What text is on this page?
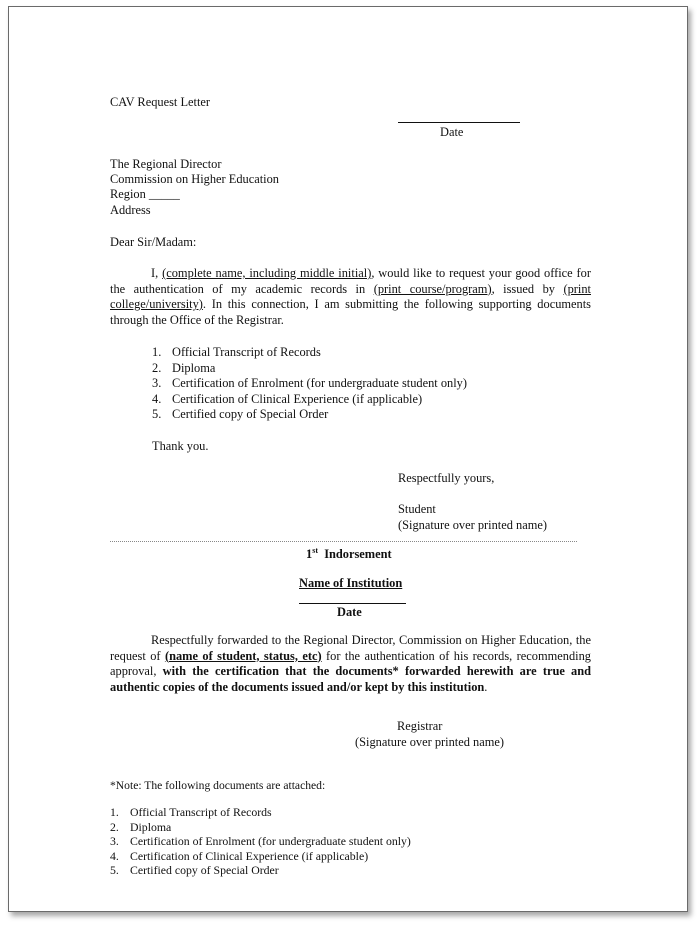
CAV Request Letter
Date
The Regional Director
Commission on Higher Education
Region _____
Address
Dear Sir/Madam:

I, (complete name, including middle initial), would like to request your good office for the authentication of my academic records in (print course/program), issued by (print college/university). In this connection, I am submitting the following supporting documents through the Office of the Registrar.

1. Official Transcript of Records
2. Diploma
3. Certification of Enrolment (for undergraduate student only)
4. Certification of Clinical Experience (if applicable)
5. Certified copy of Special Order
Thank you.
Respectfully yours,
Student
(Signature over printed name)
1st Indorsement
Name of Institution
Date

Respectfully forwarded to the Regional Director, Commission on Higher Education, the request of (name of student, status, etc) for the authentication of his records, recommending approval, with the certification that the documents* forwarded herewith are true and authentic copies of the documents issued and/or kept by this institution.

Registrar
(Signature over printed name)
*Note: The following documents are attached:
1. Official Transcript of Records
2. Diploma
3. Certification of Enrolment (for undergraduate student only)
4. Certification of Clinical Experience (if applicable)
5. Certified copy of Special Order
